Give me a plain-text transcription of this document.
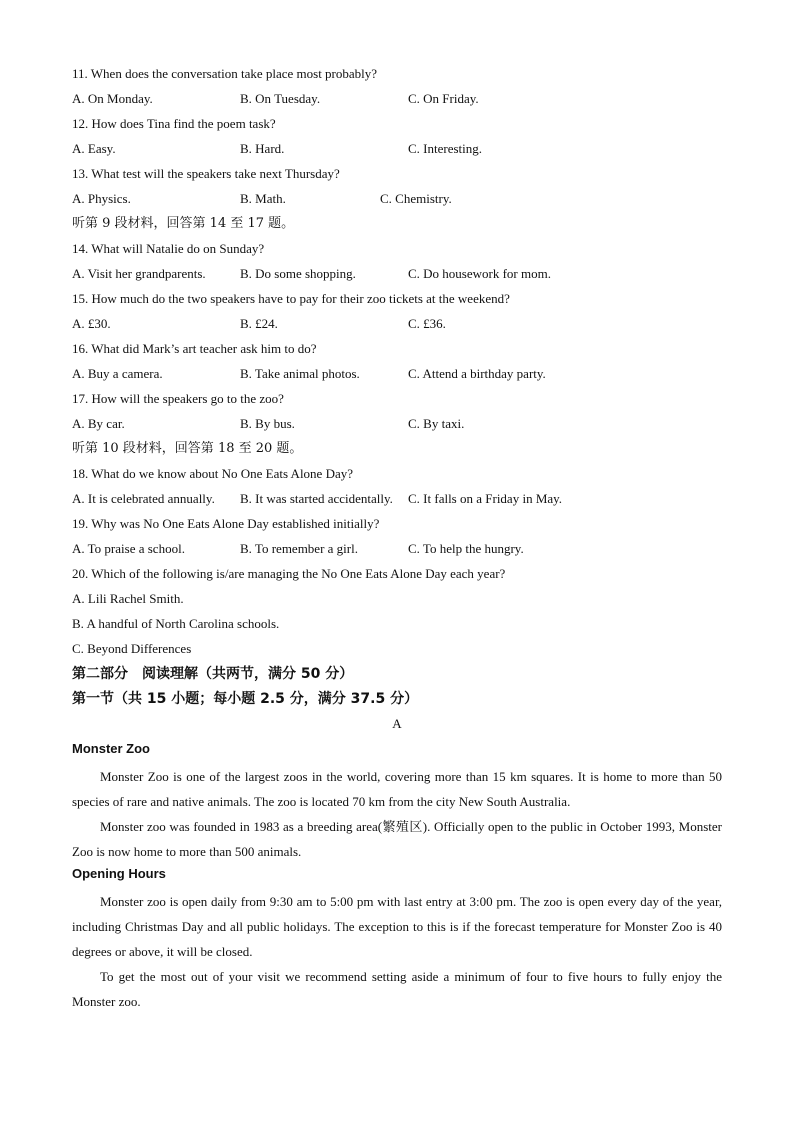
11. When does the conversation take place most probably?
A. On Monday.	B. On Tuesday.	C. On Friday.
12. How does Tina find the poem task?
A. Easy.	B. Hard.	C. Interesting.
13. What test will the speakers take next Thursday?
A. Physics.	B. Math.	C. Chemistry.
听第 9 段材料，回答第 14 至 17 题。
14. What will Natalie do on Sunday?
A. Visit her grandparents.	B. Do some shopping.	C. Do housework for mom.
15. How much do the two speakers have to pay for their zoo tickets at the weekend?
A. £30.	B. £24.	C. £36.
16. What did Mark’s art teacher ask him to do?
A. Buy a camera.	B. Take animal photos.	C. Attend a birthday party.
17. How will the speakers go to the zoo?
A. By car.	B. By bus.	C. By taxi.
听第 10 段材料，回答第 18 至 20 题。
18. What do we know about No One Eats Alone Day?
A. It is celebrated annually. B. It was started accidentally. C. It falls on a Friday in May.
19. Why was No One Eats Alone Day established initially?
A. To praise a school.	B. To remember a girl.	C. To help the hungry.
20. Which of the following is/are managing the No One Eats Alone Day each year?
A. Lili Rachel Smith.
B. A handful of North Carolina schools.
C. Beyond Differences
第二部分　阅读理解（共两节，满分 50 分）
第一节（共 15 小题；每小题 2.5 分，满分 37.5 分）
A
Monster Zoo

Monster Zoo is one of the largest zoos in the world, covering more than 15 km squares. It is home to more than 50 species of rare and native animals. The zoo is located 70 km from the city New South Australia.

Monster zoo was founded in 1983 as a breeding area(繁殖区). Officially open to the public in October 1993, Monster Zoo is now home to more than 500 animals.

Opening Hours

Monster zoo is open daily from 9:30 am to 5:00 pm with last entry at 3:00 pm. The zoo is open every day of the year, including Christmas Day and all public holidays. The exception to this is if the forecast temperature for Monster Zoo is 40 degrees or above, it will be closed.

To get the most out of your visit we recommend setting aside a minimum of four to five hours to fully enjoy the Monster zoo.
